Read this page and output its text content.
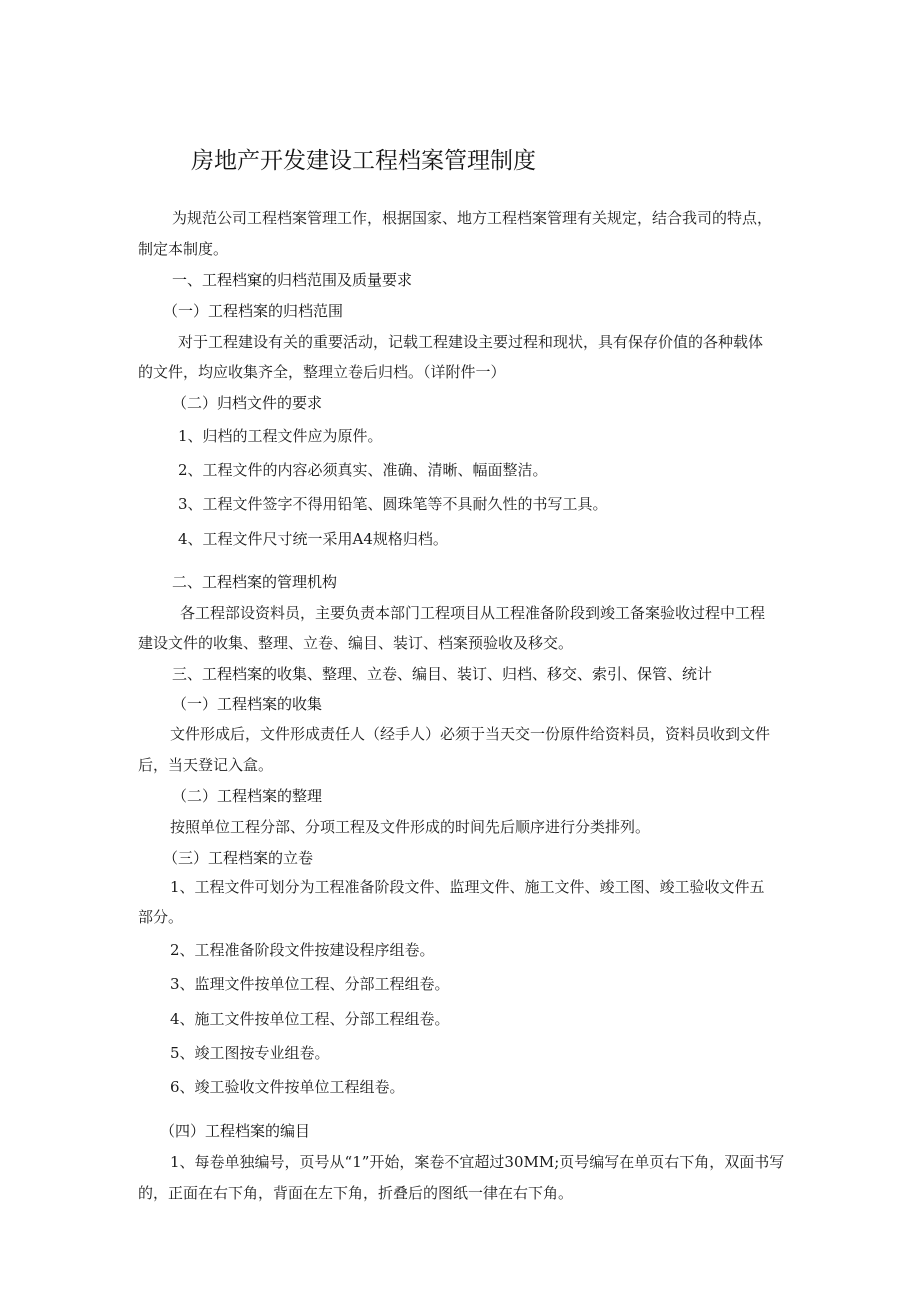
房地产开发建设工程档案管理制度
为规范公司工程档案管理工作，根据国家、地方工程档案管理有关规定，结合我司的特点，
制定本制度。
一、工程档窠的归档范围及质量要求
（一）工程档案的归档范围
对于工程建设有关的重要活动，记载工程建设主要过程和现状，具有保存价值的各种载体
的文件，均应收集齐全，整理立卷后归档。（详附件一）
（二）归档文件的要求
1、归档的工程文件应为原件。
2、工程文件的内容必须真实、准确、清晰、幅面整洁。
3、工程文件签字不得用铅笔、圆珠笔等不具耐久性的书写工具。
4、工程文件尺寸统一采用A4规格归档。
二、工程档案的管理机构
各工程部设资料员，主要负责本部门工程项目从工程准备阶段到竣工备案验收过程中工程
建设文件的收集、整理、立卷、编目、装订、档案预验收及移交。
三、工程档案的收集、整理、立卷、编目、装订、归档、移交、索引、保管、统计
（一）工程档案的收集
文件形成后，文件形成责任人（经手人）必须于当天交一份原件给资料员，资料员收到文件
后，当天登记入盒。
（二）工程档案的整理
按照单位工程分部、分项工程及文件形成的时间先后顺序进行分类排列。
（三）工程档案的立卷
1、工程文件可划分为工程准备阶段文件、监理文件、施工文件、竣工图、竣工验收文件五
部分。
2、工程准备阶段文件按建设程序组卷。
3、监理文件按单位工程、分部工程组卷。
4、施工文件按单位工程、分部工程组卷。
5、竣工图按专业组卷。
6、竣工验收文件按单位工程组卷。
（四）工程档案的编目
1、每卷单独编号，页号从“1”开始，案卷不宜超过30MM;页号编写在单页右下角，双面书写
的，正面在右下角，背面在左下角，折叠后的图纸一律在右下角。
